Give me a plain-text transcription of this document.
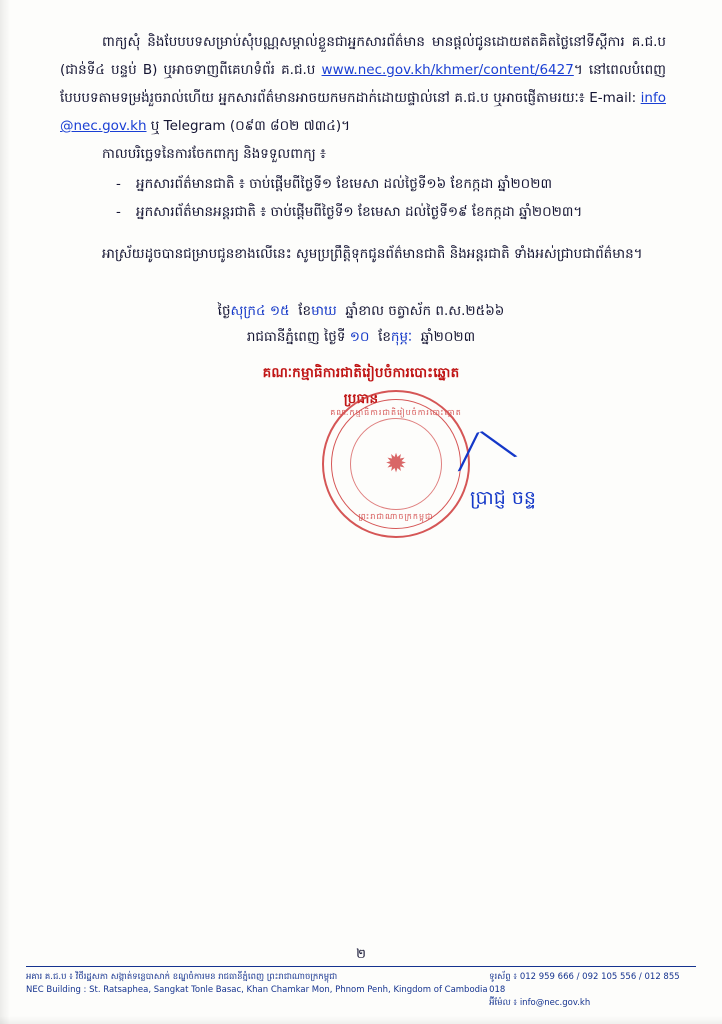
ពាក្យសុំ និងបែបបទសម្រាប់សុំបណ្ណសម្គាល់ខ្លួនជាអ្នកសារព័ត៌មាន មានផ្តល់ជូនដោយឥតគិតថ្លៃនៅទីស្ដីការ គ.ជ.ប (ជាន់ទី៤ បន្ទប់ B) ឬអាចទាញពីគេហទំព័រ គ.ជ.ប www.nec.gov.kh/khmer/content/6427។ នៅពេលបំពេញបែបបទតាមទម្រង់រួចរាល់ហើយ អ្នកសារព័ត៌មានអាចយកមកដាក់ដោយផ្ទាល់នៅ គ.ជ.ប ឬអាចផ្ញើតាមរយៈ៖ E-mail: info@nec.gov.kh ឬ Telegram (០៩៣ ៨០២ ៧៣៤)។

កាលបរិច្ឆេទនៃការចែកពាក្យ និងទទួលពាក្យ ៖

- អ្នកសារព័ត៌មានជាតិ ៖ ចាប់ផ្ដើមពីថ្ងៃទី១ ខែមេសា ដល់ថ្ងៃទី១៦ ខែកក្កដា ឆ្នាំ២០២៣
- អ្នកសារព័ត៌មានអន្តរជាតិ ៖ ចាប់ផ្ដើមពីថ្ងៃទី១ ខែមេសា ដល់ថ្ងៃទី១៩ ខែកក្កដា ឆ្នាំ២០២៣។

អាស្រ័យដូចបានជម្រាបជូនខាងលើនេះ សូមប្រព្រឹត្តិទុកជូនព័ត៌មានជាតិ និងអន្តរជាតិ ទាំងអស់ជ្រាបជាព័ត៌មាន។

ថ្ងៃសុក្រ៤ ១៥ ខែមាឃ ឆ្នាំខាល ចត្វាស័ក ព.ស.២៥៦៦
រាជធានីភ្នំពេញ ថ្ងៃទី ១០ ខែកុម្ភៈ ឆ្នាំ២០២៣
គណៈកម្មាធិការជាតិរៀបចំការបោះឆ្នោត
ប្រធាន
គណៈកម្មាធិការជាតិរៀបចំការបោះឆ្នោត
✹
ព្រះរាជាណាចក្រកម្ពុជា
⟋⟍
ប្រាជ្ញ ចន្ទ
២
អគារ គ.ជ.ប ៖ វិថីរដ្ឋសភា សង្កាត់ទន្លេបាសាក់ ខណ្ឌចំការមន រាជធានីភ្នំពេញ ព្រះរាជាណាចក្រកម្ពុជា
NEC Building : St. Ratsaphea, Sangkat Tonle Basac, Khan Chamkar Mon, Phnom Penh, Kingdom of Cambodia
ទូរស័ព្ទ ៖ 012 959 666 / 092 105 556 / 012 855 018
អ៊ីម៉ែល ៖ info@nec.gov.kh
